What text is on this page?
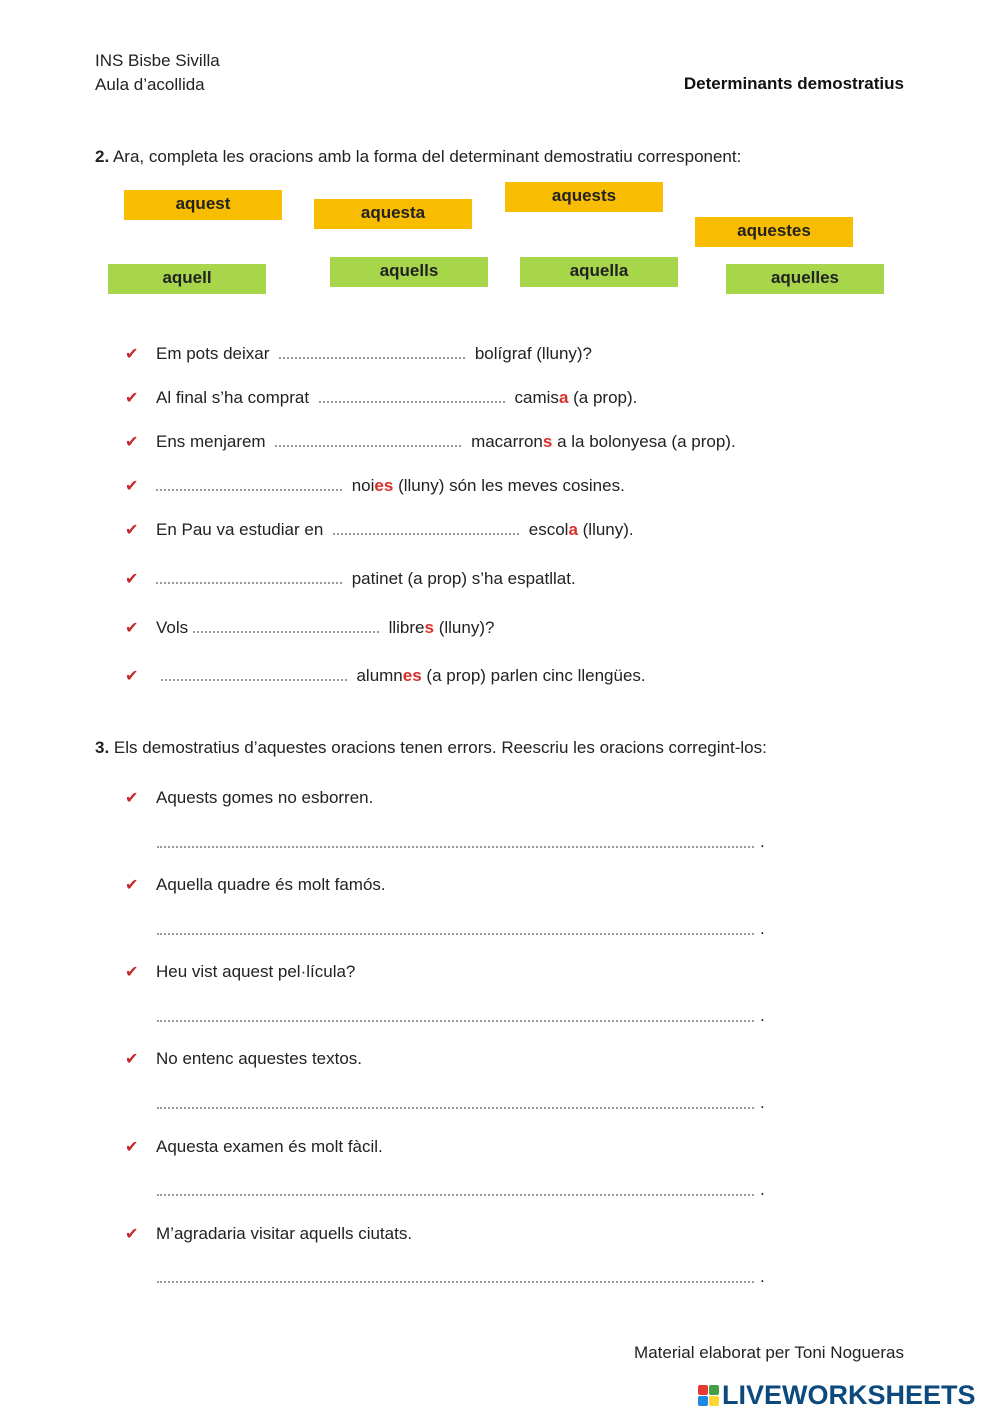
INS Bisbe Sivilla
Aula d’acollida	Determinants demostratius
2. Ara, completa les oracions amb la forma del determinant demostratiu corresponent:
aquest	aquesta
aquests
aquestes
aquell	aquells	aquella	aquelles
✔ Em pots deixar	bolígraf (lluny)?
✔ Al final s’ha comprat	camisa (a prop).
✔ Ens menjarem	macarrons a la bolonyesa (a prop).
✔	noies (lluny) són les meves cosines.
✔ En Pau va estudiar en	escola (lluny).
✔	patinet (a prop) s’ha espatllat.
✔ Vols	llibres (lluny)?
✔	alumnes (a prop) parlen cinc llengües.
3. Els demostratius d’aquestes oracions tenen errors. Reescriu les oracions corregint-los:
✔ Aquests gomes no esborren.
.
✔ Aquella quadre és molt famós.
.
✔ Heu vist aquest pel·lícula?
.
✔ No entenc aquestes textos.
.
✔ Aquesta examen és molt fàcil.
.
✔ M’agradaria visitar aquells ciutats.
.
Material elaborat per Toni Nogueras
LIVEWORKSHEETS
